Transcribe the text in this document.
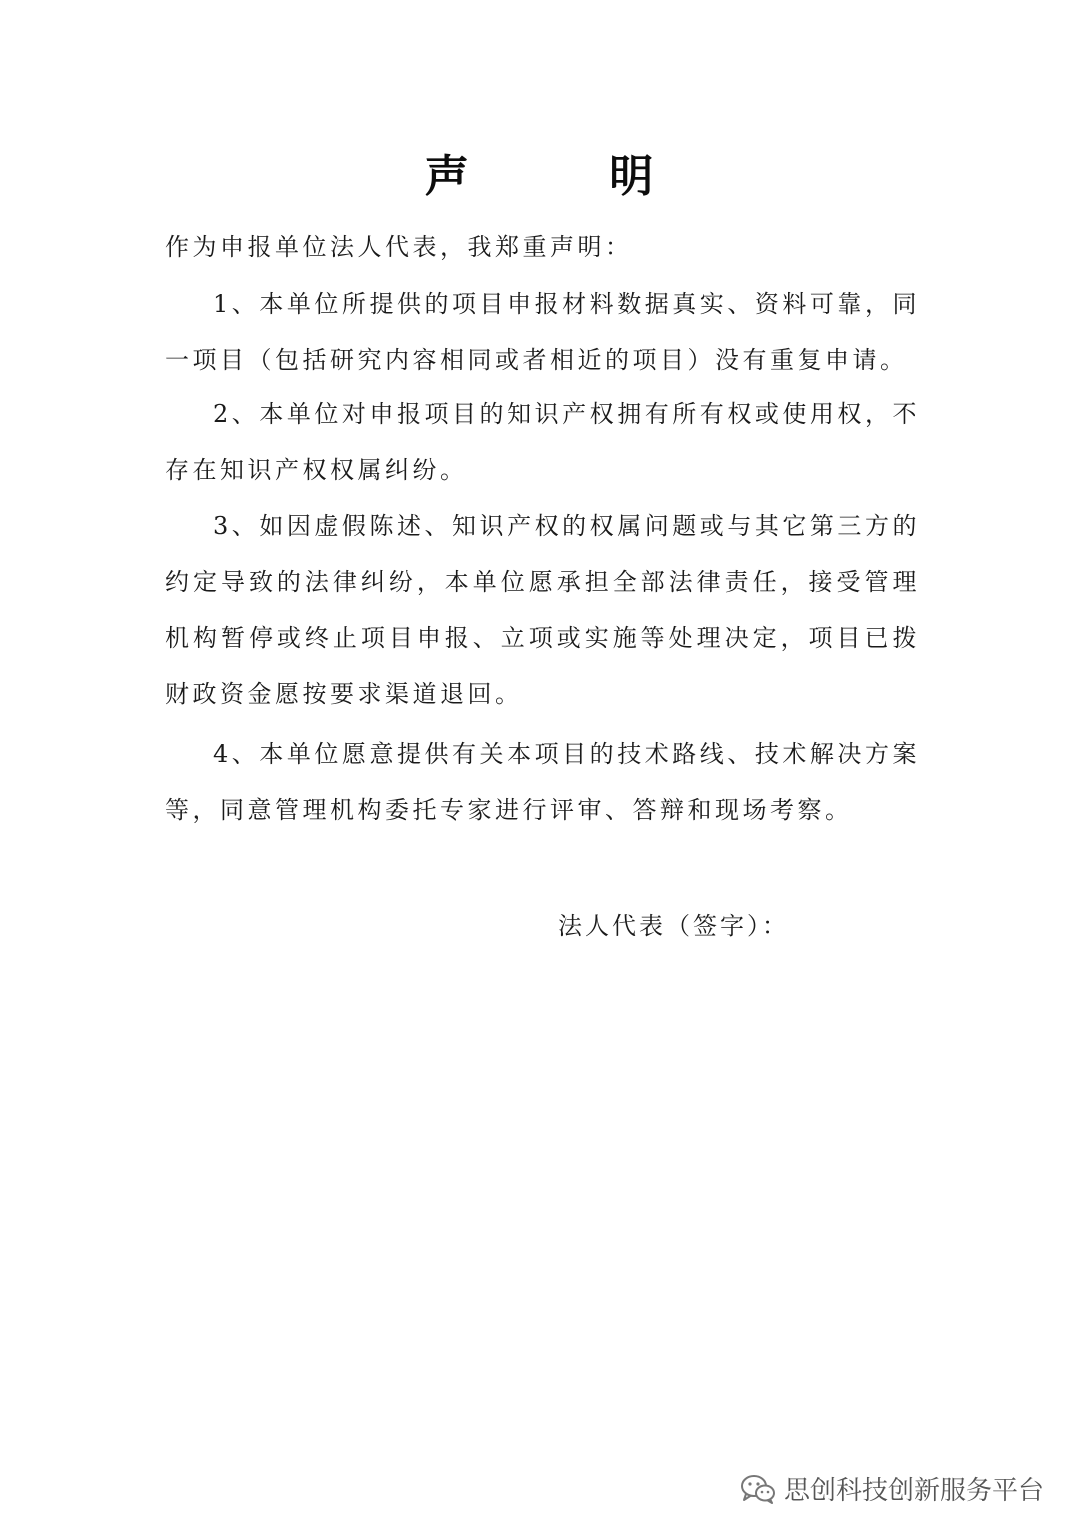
声        明
作为申报单位法人代表，我郑重声明：

1、本单位所提供的项目申报材料数据真实、资料可靠，同一项目（包括研究内容相同或者相近的项目）没有重复申请。

2、本单位对申报项目的知识产权拥有所有权或使用权，不存在知识产权权属纠纷。

3、如因虚假陈述、知识产权的权属问题或与其它第三方的约定导致的法律纠纷，本单位愿承担全部法律责任，接受管理机构暂停或终止项目申报、立项或实施等处理决定，项目已拨财政资金愿按要求渠道退回。

4、本单位愿意提供有关本项目的技术路线、技术解决方案等，同意管理机构委托专家进行评审、答辩和现场考察。

法人代表（签字）：
思创科技创新服务平台
